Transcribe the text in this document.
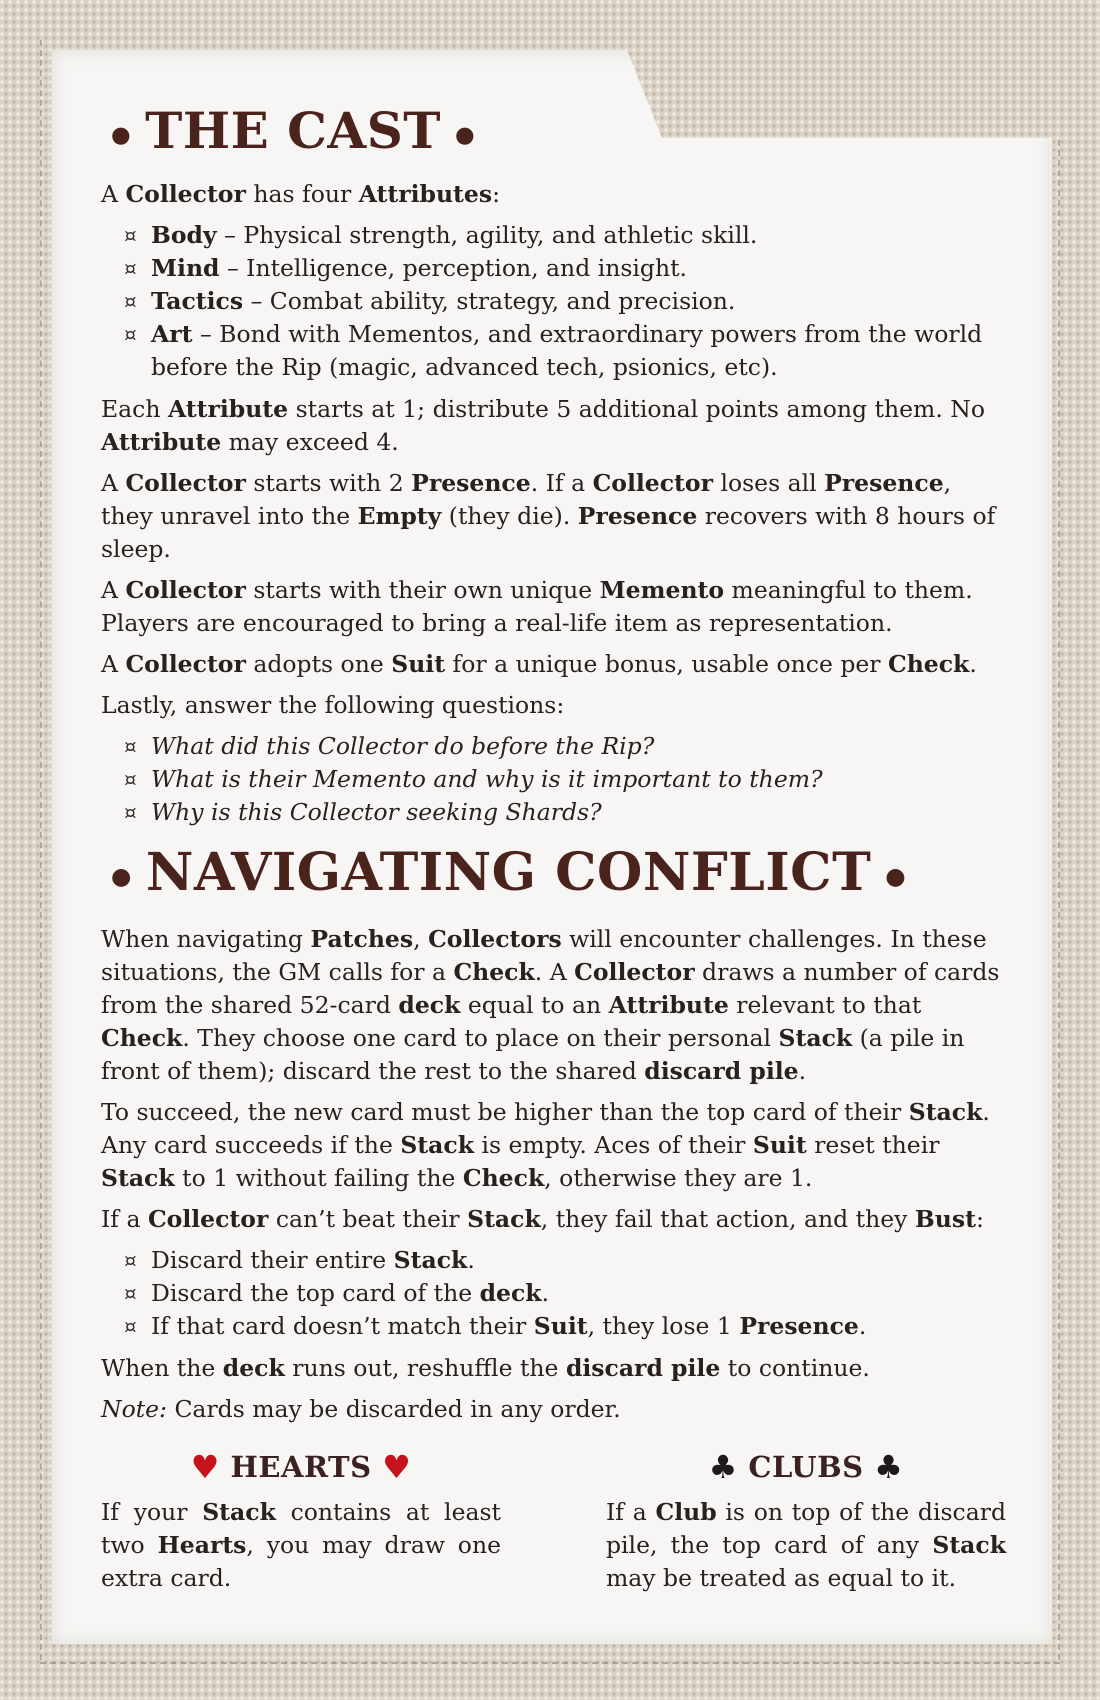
● THE CAST ●

A Collector has four Attributes:

¤ Body – Physical strength, agility, and athletic skill.
¤ Mind – Intelligence, perception, and insight.
¤ Tactics – Combat ability, strategy, and precision.
¤ Art – Bond with Mementos, and extraordinary powers from the world before the Rip (magic, advanced tech, psionics, etc).

Each Attribute starts at 1; distribute 5 additional points among them. No Attribute may exceed 4.

A Collector starts with 2 Presence. If a Collector loses all Presence, they unravel into the Empty (they die). Presence recovers with 8 hours of sleep.

A Collector starts with their own unique Memento meaningful to them. Players are encouraged to bring a real-life item as representation.

A Collector adopts one Suit for a unique bonus, usable once per Check.

Lastly, answer the following questions:

¤ What did this Collector do before the Rip?
¤ What is their Memento and why is it important to them?
¤ Why is this Collector seeking Shards?
● NAVIGATING CONFLICT ●

When navigating Patches, Collectors will encounter challenges. In these situations, the GM calls for a Check. A Collector draws a number of cards from the shared 52-card deck equal to an Attribute relevant to that Check. They choose one card to place on their personal Stack (a pile in front of them); discard the rest to the shared discard pile.

To succeed, the new card must be higher than the top card of their Stack. Any card succeeds if the Stack is empty. Aces of their Suit reset their Stack to 1 without failing the Check, otherwise they are 1.

If a Collector can’t beat their Stack, they fail that action, and they Bust:

¤ Discard their entire Stack.
¤ Discard the top card of the deck.
¤ If that card doesn’t match their Suit, they lose 1 Presence.

When the deck runs out, reshuffle the discard pile to continue.

Note: Cards may be discarded in any order.

♥ HEARTS ♥

If your Stack contains at least two Hearts, you may draw one extra card.

♣ CLUBS ♣

If a Club is on top of the discard pile, the top card of any Stack may be treated as equal to it.
